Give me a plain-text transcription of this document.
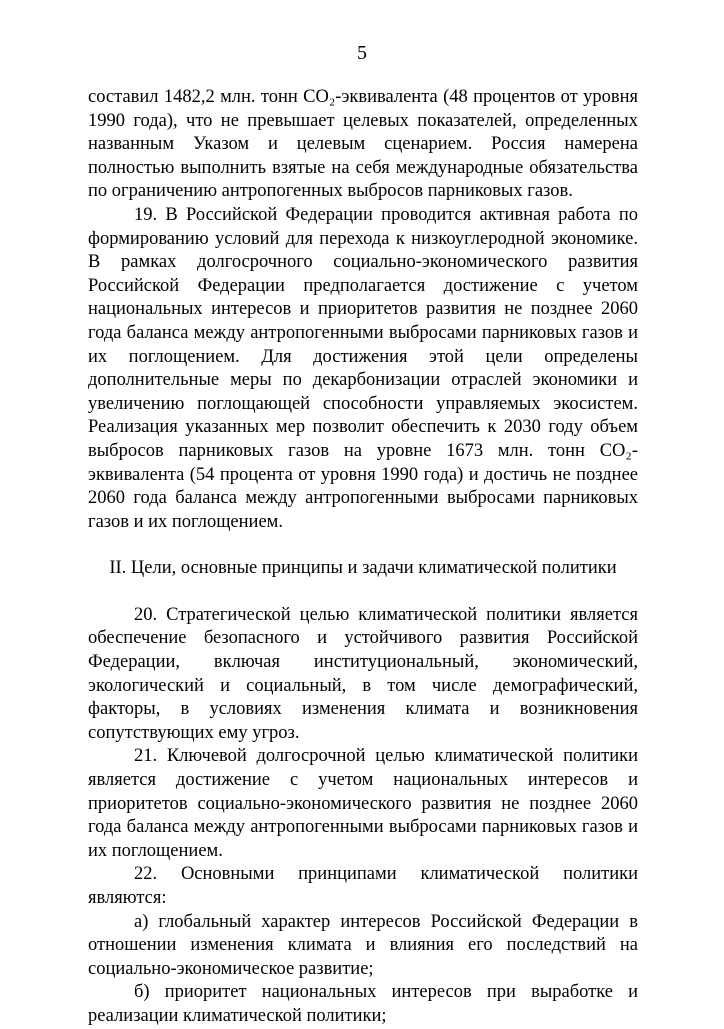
5

составил 1482,2 млн. тонн CO₂-эквивалента (48 процентов от уровня 1990 года), что не превышает целевых показателей, определенных названным Указом и целевым сценарием. Россия намерена полностью выполнить взятые на себя международные обязательства по ограничению антропогенных выбросов парниковых газов.

19. В Российской Федерации проводится активная работа по формированию условий для перехода к низкоуглеродной экономике. В рамках долгосрочного социально-экономического развития Российской Федерации предполагается достижение с учетом национальных интересов и приоритетов развития не позднее 2060 года баланса между антропогенными выбросами парниковых газов и их поглощением. Для достижения этой цели определены дополнительные меры по декарбонизации отраслей экономики и увеличению поглощающей способности управляемых экосистем. Реализация указанных мер позволит обеспечить к 2030 году объем выбросов парниковых газов на уровне 1673 млн. тонн CO₂-эквивалента (54 процента от уровня 1990 года) и достичь не позднее 2060 года баланса между антропогенными выбросами парниковых газов и их поглощением.

II. Цели, основные принципы и задачи климатической политики

20. Стратегической целью климатической политики является обеспечение безопасного и устойчивого развития Российской Федерации, включая институциональный, экономический, экологический и социальный, в том числе демографический, факторы, в условиях изменения климата и возникновения сопутствующих ему угроз.

21. Ключевой долгосрочной целью климатической политики является достижение с учетом национальных интересов и приоритетов социально-экономического развития не позднее 2060 года баланса между антропогенными выбросами парниковых газов и их поглощением.

22. Основными принципами климатической политики являются:

а) глобальный характер интересов Российской Федерации в отношении изменения климата и влияния его последствий на социально-экономическое развитие;

б) приоритет национальных интересов при выработке и реализации климатической политики;
